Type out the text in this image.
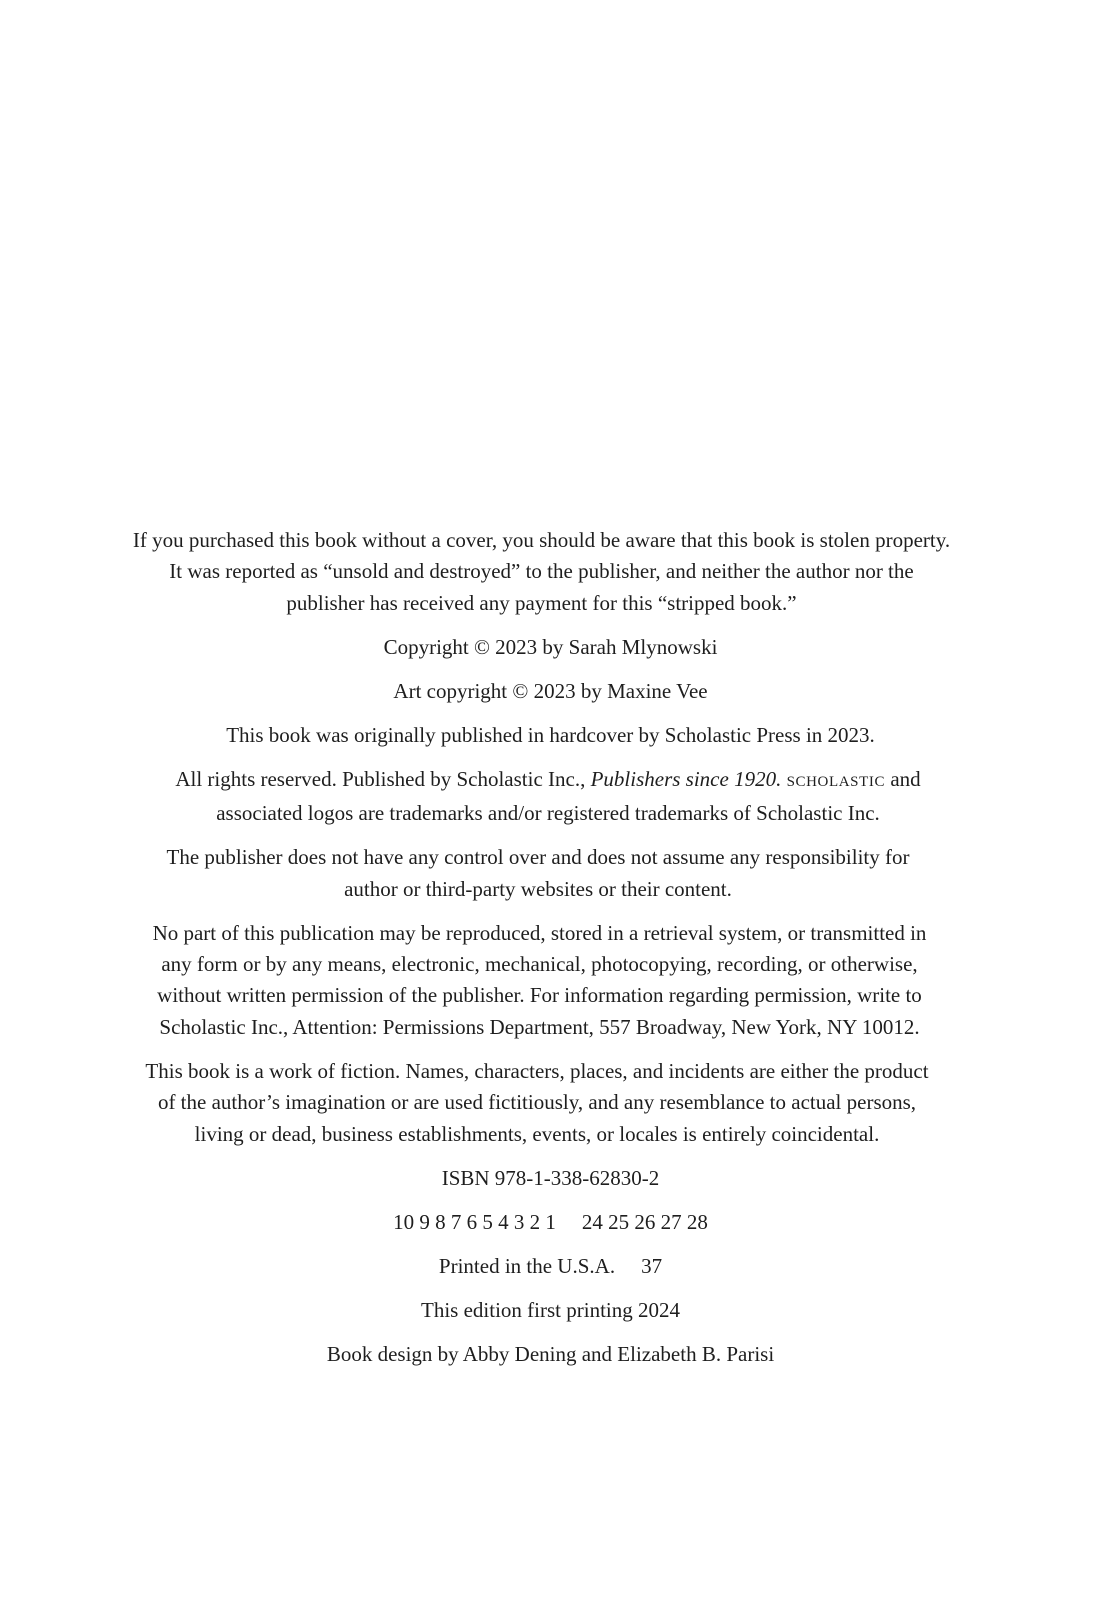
If you purchased this book without a cover, you should be aware that this book is stolen property. It was reported as “unsold and destroyed” to the publisher, and neither the author nor the publisher has received any payment for this “stripped book.”

Copyright © 2023 by Sarah Mlynowski

Art copyright © 2023 by Maxine Vee

This book was originally published in hardcover by Scholastic Press in 2023.

All rights reserved. Published by Scholastic Inc., Publishers since 1920. SCHOLASTIC and associated logos are trademarks and/or registered trademarks of Scholastic Inc.

The publisher does not have any control over and does not assume any responsibility for author or third-party websites or their content.

No part of this publication may be reproduced, stored in a retrieval system, or transmitted in any form or by any means, electronic, mechanical, photocopying, recording, or otherwise, without written permission of the publisher. For information regarding permission, write to Scholastic Inc., Attention: Permissions Department, 557 Broadway, New York, NY 10012.

This book is a work of fiction. Names, characters, places, and incidents are either the product of the author’s imagination or are used fictitiously, and any resemblance to actual persons, living or dead, business establishments, events, or locales is entirely coincidental.

ISBN 978-1-338-62830-2

10 9 8 7 6 5 4 3 2 1 24 25 26 27 28

Printed in the U.S.A. 37

This edition first printing 2024

Book design by Abby Dening and Elizabeth B. Parisi
